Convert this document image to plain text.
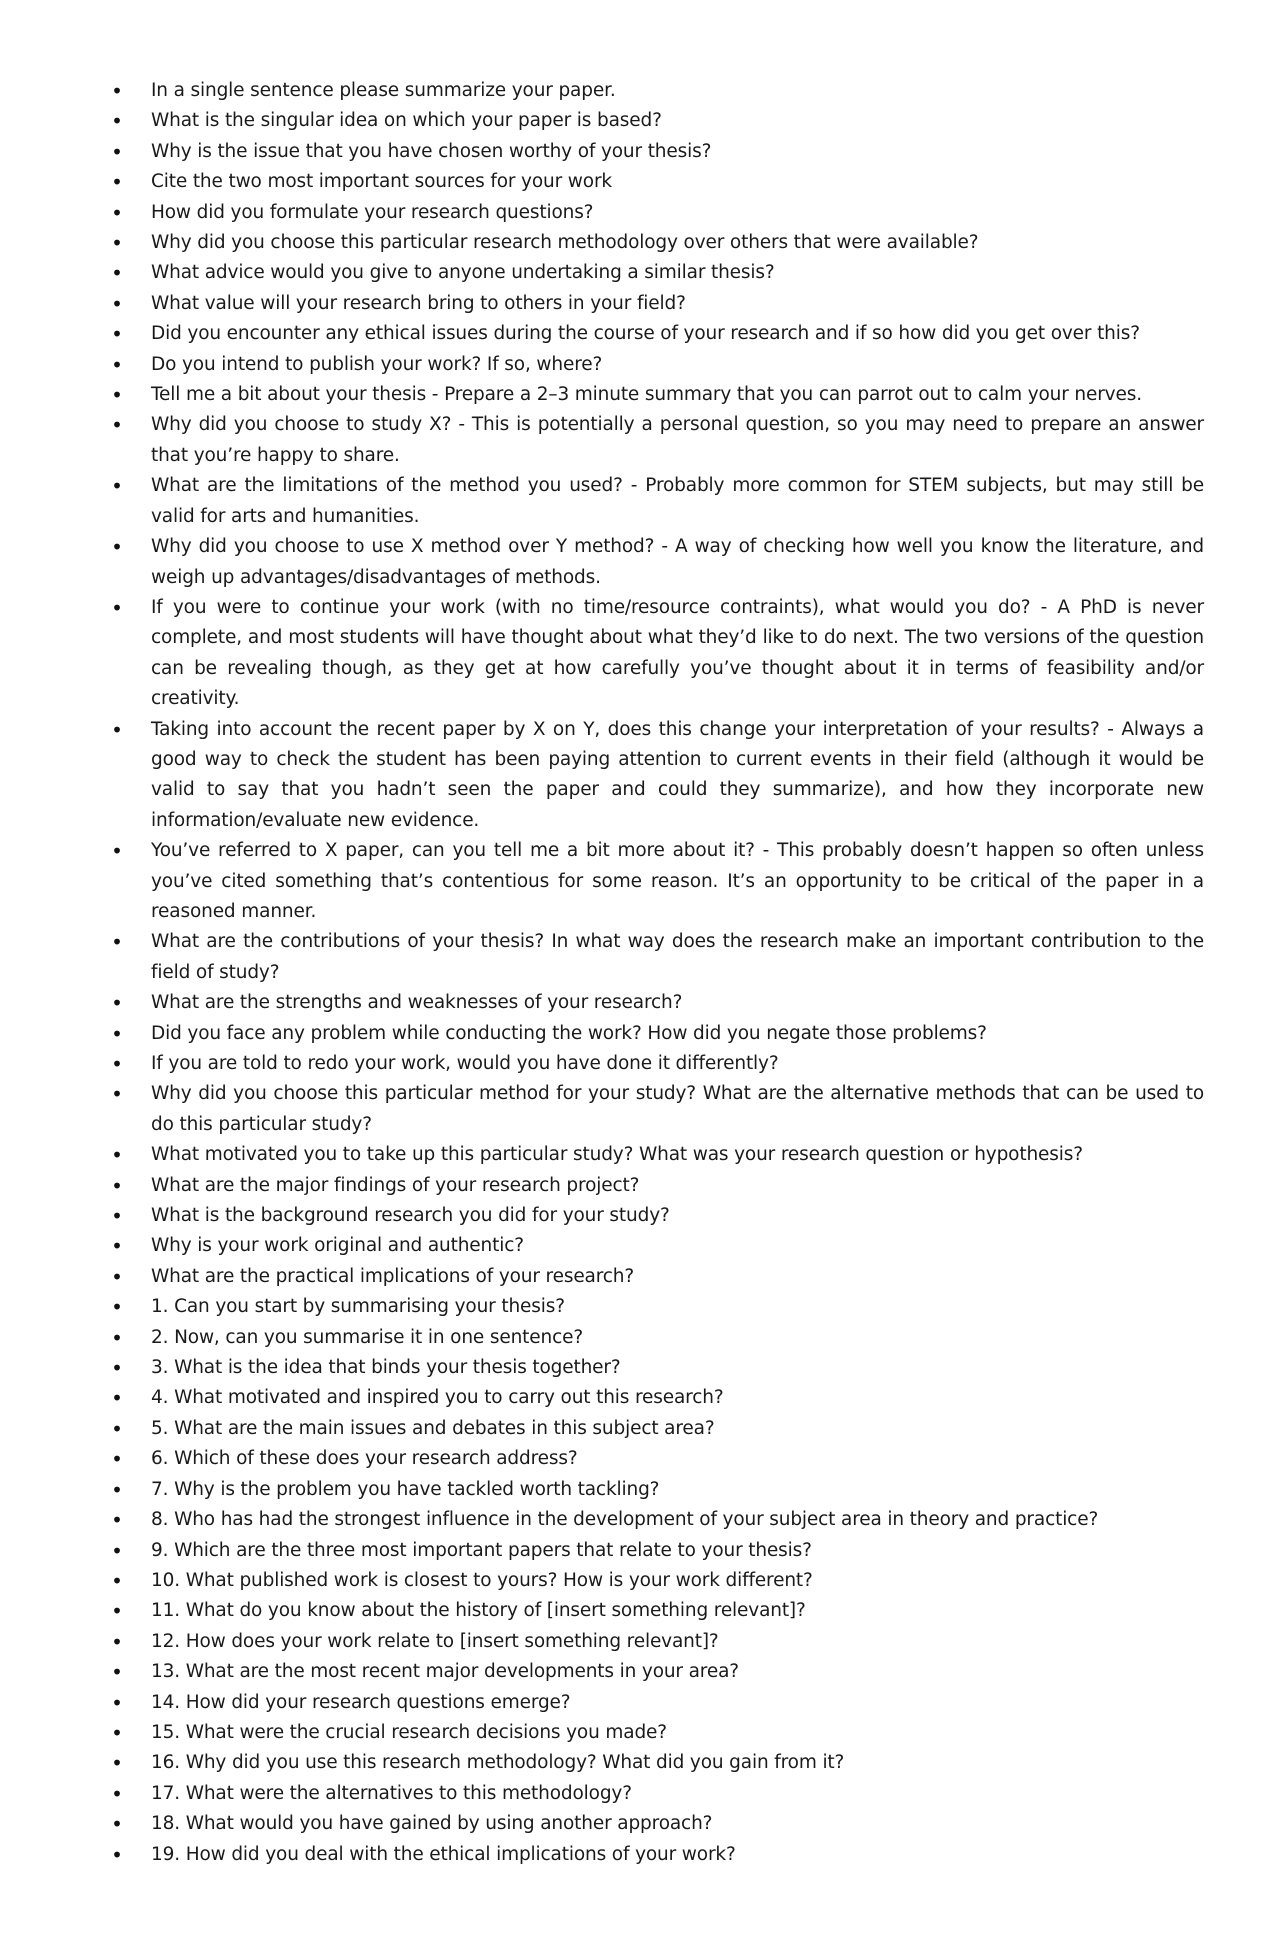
• In a single sentence please summarize your paper.
• What is the singular idea on which your paper is based?
• Why is the issue that you have chosen worthy of your thesis?
• Cite the two most important sources for your work
• How did you formulate your research questions?
• Why did you choose this particular research methodology over others that were available?
• What advice would you give to anyone undertaking a similar thesis?
• What value will your research bring to others in your field?
• Did you encounter any ethical issues during the course of your research and if so how did you get over this?
• Do you intend to publish your work? If so, where?
• Tell me a bit about your thesis - Prepare a 2–3 minute summary that you can parrot out to calm your nerves.
• Why did you choose to study X? - This is potentially a personal question, so you may need to prepare an answer that you’re happy to share.
• What are the limitations of the method you used? - Probably more common for STEM subjects, but may still be valid for arts and humanities.
• Why did you choose to use X method over Y method? - A way of checking how well you know the literature, and weigh up advantages/disadvantages of methods.
• If you were to continue your work (with no time/resource contraints), what would you do? - A PhD is never complete, and most students will have thought about what they’d like to do next. The two versions of the question can be revealing though, as they get at how carefully you’ve thought about it in terms of feasibility and/or creativity.
• Taking into account the recent paper by X on Y, does this change your interpretation of your results? - Always a good way to check the student has been paying attention to current events in their field (although it would be valid to say that you hadn’t seen the paper and could they summarize), and how they incorporate new information/evaluate new evidence.
• You’ve referred to X paper, can you tell me a bit more about it? - This probably doesn’t happen so often unless you’ve cited something that’s contentious for some reason. It’s an opportunity to be critical of the paper in a reasoned manner.
• What are the contributions of your thesis? In what way does the research make an important contribution to the field of study?
• What are the strengths and weaknesses of your research?
• Did you face any problem while conducting the work? How did you negate those problems?
• If you are told to redo your work, would you have done it differently?
• Why did you choose this particular method for your study? What are the alternative methods that can be used to do this particular study?
• What motivated you to take up this particular study? What was your research question or hypothesis?
• What are the major findings of your research project?
• What is the background research you did for your study?
• Why is your work original and authentic?
• What are the practical implications of your research?
• 1. Can you start by summarising your thesis?
• 2. Now, can you summarise it in one sentence?
• 3. What is the idea that binds your thesis together?
• 4. What motivated and inspired you to carry out this research?
• 5. What are the main issues and debates in this subject area?
• 6. Which of these does your research address?
• 7. Why is the problem you have tackled worth tackling?
• 8. Who has had the strongest influence in the development of your subject area in theory and practice?
• 9. Which are the three most important papers that relate to your thesis?
• 10. What published work is closest to yours? How is your work different?
• 11. What do you know about the history of [insert something relevant]?
• 12. How does your work relate to [insert something relevant]?
• 13. What are the most recent major developments in your area?
• 14. How did your research questions emerge?
• 15. What were the crucial research decisions you made?
• 16. Why did you use this research methodology? What did you gain from it?
• 17. What were the alternatives to this methodology?
• 18. What would you have gained by using another approach?
• 19. How did you deal with the ethical implications of your work?
